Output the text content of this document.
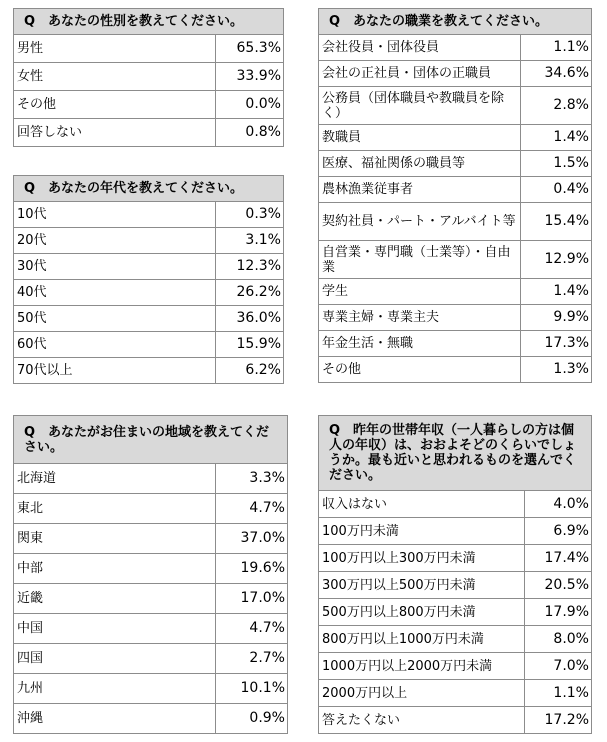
Q　あなたの性別を教えてください。	
男性	65.3%
女性	33.9%
その他	0.0%
回答しない	0.8%
Q　あなたの年代を教えてください。	
10代	0.3%
20代	3.1%
30代	12.3%
40代	26.2%
50代	36.0%
60代	15.9%
70代以上	6.2%
Q　あなたがお住まいの地域を教えてください。	
北海道	3.3%
東北	4.7%
関東	37.0%
中部	19.6%
近畿	17.0%
中国	4.7%
四国	2.7%
九州	10.1%
沖縄	0.9%
Q　あなたの職業を教えてください。	
会社役員・団体役員	1.1%
会社の正社員・団体の正職員	34.6%
公務員（団体職員や教職員を除く）	2.8%
教職員	1.4%
医療、福祉関係の職員等	1.5%
農林漁業従事者	0.4%
契約社員・パート・アルバイト等	15.4%
自営業・専門職（士業等）・自由業	12.9%
学生	1.4%
専業主婦・専業主夫	9.9%
年金生活・無職	17.3%
その他	1.3%
Q　昨年の世帯年収（一人暮らしの方は個人の年収）は、おおよそどのくらいでしょうか。最も近いと思われるものを選んでください。	
収入はない	4.0%
100万円未満	6.9%
100万円以上300万円未満	17.4%
300万円以上500万円未満	20.5%
500万円以上800万円未満	17.9%
800万円以上1000万円未満	8.0%
1000万円以上2000万円未満	7.0%
2000万円以上	1.1%
答えたくない	17.2%
